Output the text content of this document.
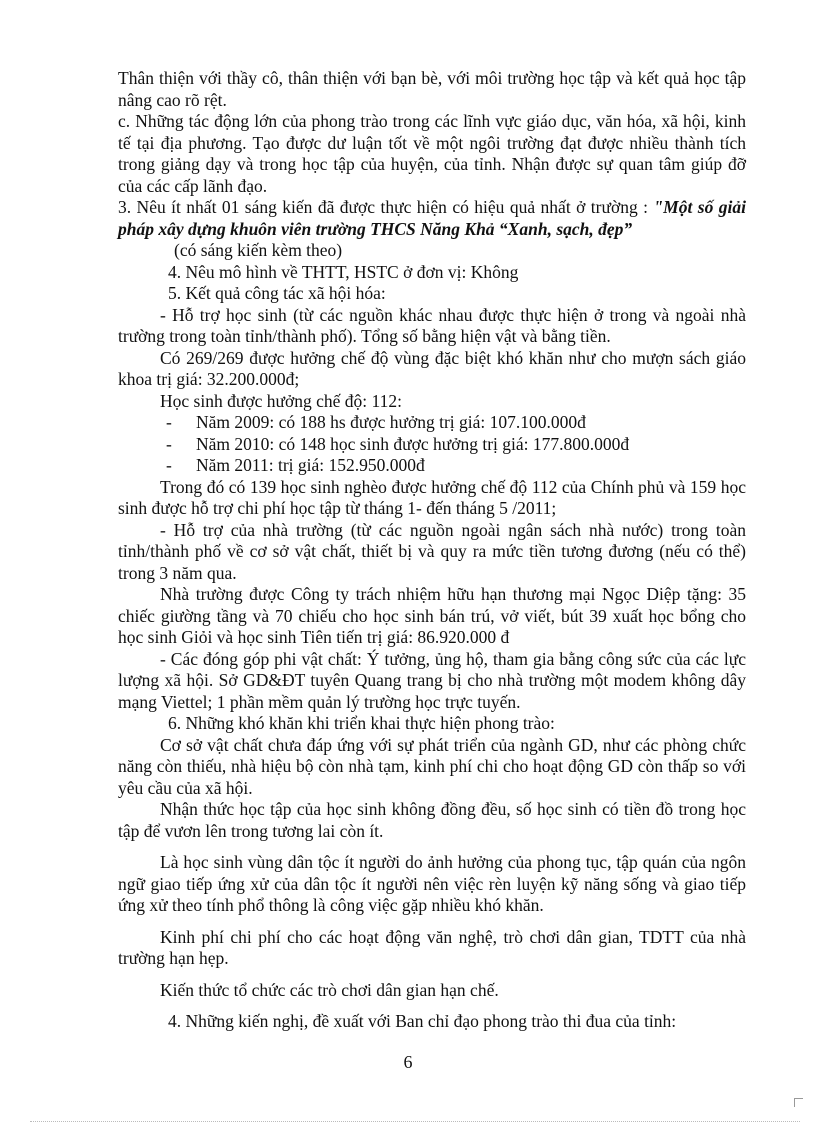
Thân thiện với thầy cô, thân thiện với bạn bè, với môi trường học tập và kết quả học tập nâng cao rõ rệt.

c. Những tác động lớn của phong trào trong các lĩnh vực giáo dục, văn hóa, xã hội, kinh tế tại địa phương. Tạo được dư luận tốt về một ngôi trường đạt được nhiều thành tích trong giảng dạy và trong học tập của huyện, của tỉnh. Nhận được sự quan tâm giúp đỡ của các cấp lãnh đạo.

3. Nêu ít nhất 01 sáng kiến đã được thực hiện có hiệu quả nhất ở trường : "Một số giải pháp xây dựng khuôn viên trường THCS Năng Khả “Xanh, sạch, đẹp”

(có sáng kiến kèm theo)

4. Nêu mô hình về THTT, HSTC ở đơn vị: Không

5. Kết quả công tác xã hội hóa:

- Hỗ trợ học sinh (từ các nguồn khác nhau được thực hiện ở trong và ngoài nhà trường trong toàn tỉnh/thành phố). Tổng số bằng hiện vật và bằng tiền.

Có 269/269 được hưởng chế độ vùng đặc biệt khó khăn như cho mượn sách giáo khoa trị giá: 32.200.000đ;

Học sinh được hưởng chế độ: 112:

- Năm 2009: có 188 hs được hưởng trị giá: 107.100.000đ

- Năm 2010: có 148 học sinh được hưởng trị giá: 177.800.000đ

- Năm 2011: trị giá: 152.950.000đ

Trong đó có 139 học sinh nghèo được hưởng chế độ 112 của Chính phủ và 159 học sinh được hỗ trợ chi phí học tập từ tháng 1- đến tháng 5 /2011;

- Hỗ trợ của nhà trường (từ các nguồn ngoài ngân sách nhà nước) trong toàn tỉnh/thành phố về cơ sở vật chất, thiết bị và quy ra mức tiền tương đương (nếu có thể) trong 3 năm qua.

Nhà trường được Công ty trách nhiệm hữu hạn thương mại Ngọc Diệp tặng: 35 chiếc giường tầng và 70 chiếu cho học sinh bán trú, vở viết, bút 39 xuất học bổng cho học sinh Giỏi và học sinh Tiên tiến trị giá: 86.920.000 đ

- Các đóng góp phi vật chất: Ý tưởng, ủng hộ, tham gia bằng công sức của các lực lượng xã hội. Sở GD&ĐT tuyên Quang trang bị cho nhà trường một modem không dây mạng Viettel; 1 phần mềm quản lý trường học trực tuyến.

6. Những khó khăn khi triển khai thực hiện phong trào:

Cơ sở vật chất chưa đáp ứng với sự phát triển của ngành GD, như các phòng chức năng còn thiếu, nhà hiệu bộ còn nhà tạm, kinh phí chi cho hoạt động GD còn thấp so với yêu cầu của xã hội.

Nhận thức học tập của học sinh không đồng đều, số học sinh có tiền đồ trong học tập để vươn lên trong tương lai còn ít.

Là học sinh vùng dân tộc ít người do ảnh hưởng của phong tục, tập quán của ngôn ngữ giao tiếp ứng xử của dân tộc ít người nên việc rèn luyện kỹ năng sống và giao tiếp ứng xử theo tính phổ thông là công việc gặp nhiều khó khăn.

Kinh phí chi phí cho các hoạt động văn nghệ, trò chơi dân gian, TDTT của nhà trường hạn hẹp.

Kiến thức tổ chức các trò chơi dân gian hạn chế.

4. Những kiến nghị, đề xuất với Ban chỉ đạo phong trào thi đua của tỉnh:

6
